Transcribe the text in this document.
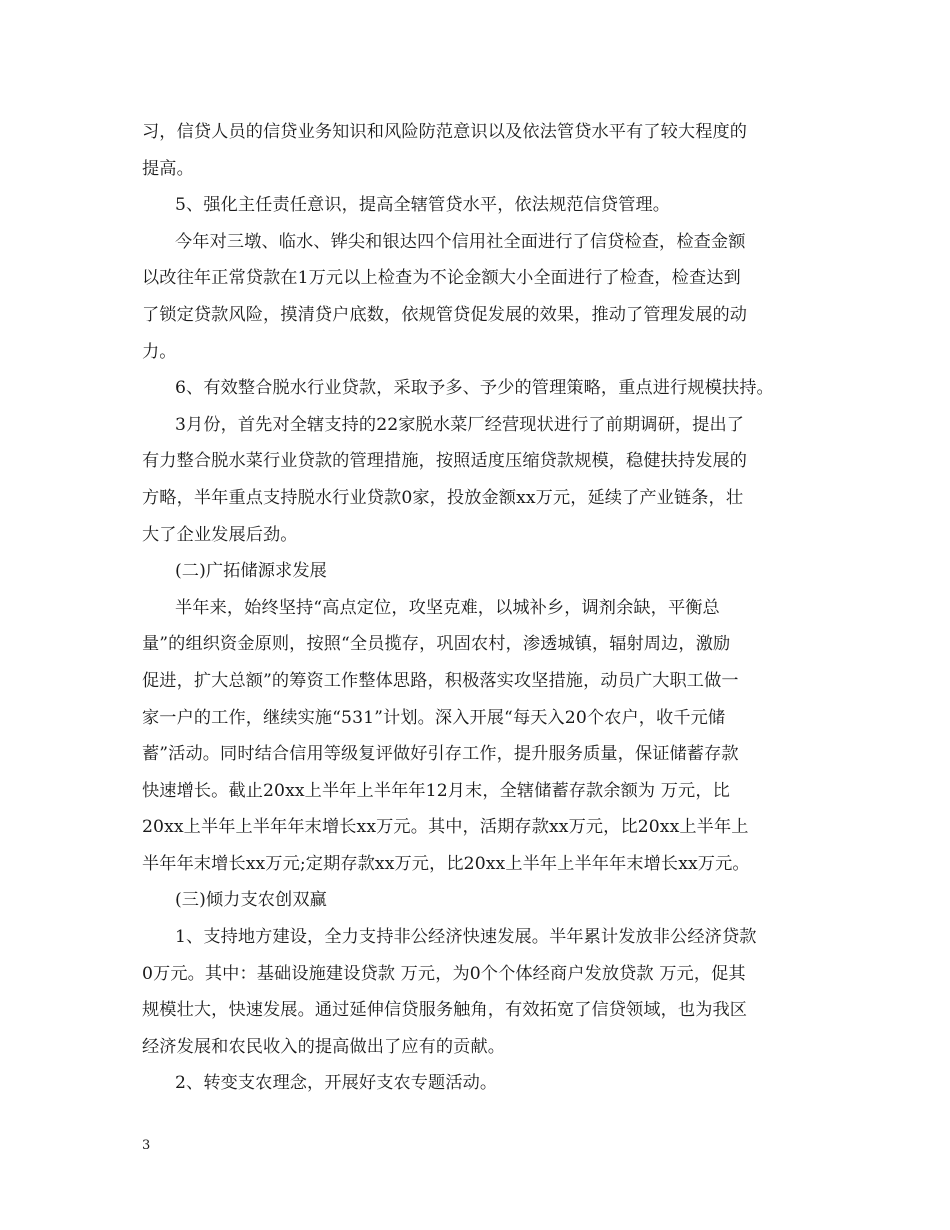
习，信贷人员的信贷业务知识和风险防范意识以及依法管贷水平有了较大程度的
提高。
5、强化主任责任意识，提高全辖管贷水平，依法规范信贷管理。
今年对三墩、临水、铧尖和银达四个信用社全面进行了信贷检查，检查金额
以改往年正常贷款在1万元以上检查为不论金额大小全面进行了检查，检查达到
了锁定贷款风险，摸清贷户底数，依规管贷促发展的效果，推动了管理发展的动
力。
6、有效整合脱水行业贷款，采取予多、予少的管理策略，重点进行规模扶持。
3月份，首先对全辖支持的22家脱水菜厂经营现状进行了前期调研，提出了
有力整合脱水菜行业贷款的管理措施，按照适度压缩贷款规模，稳健扶持发展的
方略，半年重点支持脱水行业贷款0家，投放金额xx万元，延续了产业链条，壮
大了企业发展后劲。
(二)广拓储源求发展
半年来，始终坚持“高点定位，攻坚克难，以城补乡，调剂余缺，平衡总
量”的组织资金原则，按照“全员揽存，巩固农村，渗透城镇，辐射周边，激励
促进，扩大总额”的筹资工作整体思路，积极落实攻坚措施，动员广大职工做一
家一户的工作，继续实施“531”计划。深入开展“每天入20个农户，收千元储
蓄”活动。同时结合信用等级复评做好引存工作，提升服务质量，保证储蓄存款
快速增长。截止20xx上半年上半年年12月末，全辖储蓄存款余额为 万元，比
20xx上半年上半年年末增长xx万元。其中，活期存款xx万元，比20xx上半年上
半年年末增长xx万元;定期存款xx万元，比20xx上半年上半年年末增长xx万元。
(三)倾力支农创双赢
1、支持地方建设，全力支持非公经济快速发展。半年累计发放非公经济贷款
0万元。其中：基础设施建设贷款 万元，为0个个体经商户发放贷款 万元，促其
规模壮大，快速发展。通过延伸信贷服务触角，有效拓宽了信贷领域，也为我区
经济发展和农民收入的提高做出了应有的贡献。
2、转变支农理念，开展好支农专题活动。
3
